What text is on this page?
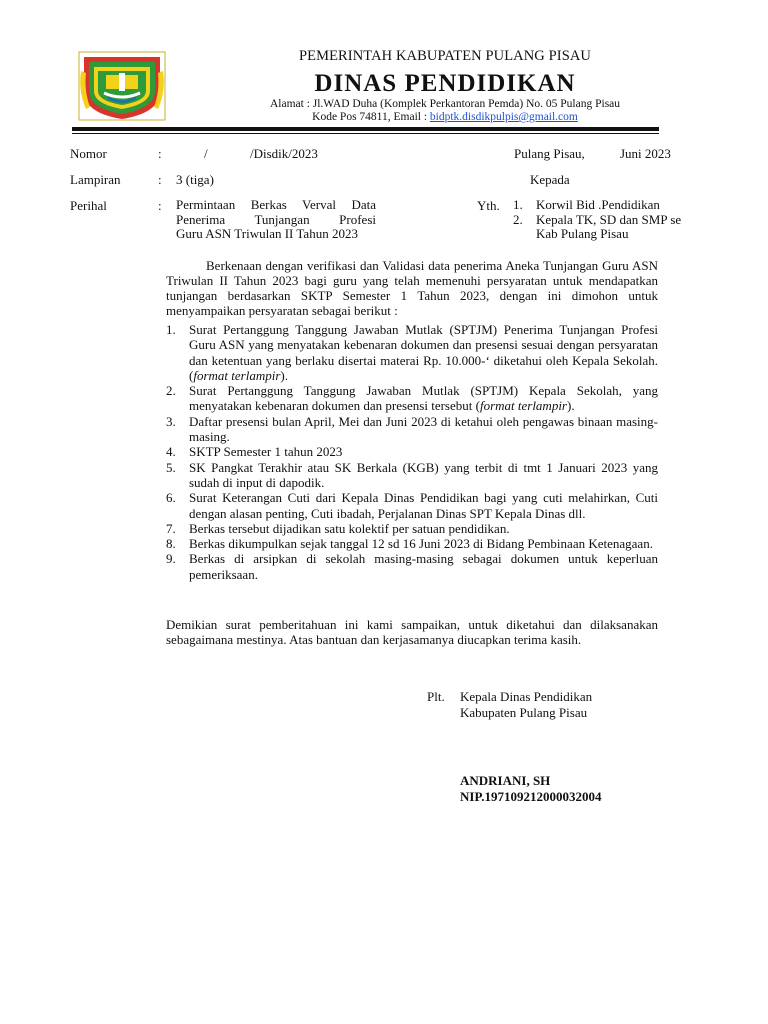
PEMERINTAH KABUPATEN PULANG PISAU
DINAS PENDIDIKAN
Alamat : Jl.WAD Duha (Komplek Perkantoran Pemda) No. 05 Pulang Pisau
Kode Pos 74811, Email : bidptk.disdikpulpis@gmail.com
Nomor	:	/	/Disdik/2023
Lampiran	: 3 (tiga)
Perihal	: Permintaan Berkas Verval Data
Penerima Tunjangan Profesi
Guru ASN Triwulan II Tahun 2023
Pulang Pisau,	Juni 2023
Kepada
Yth. 1. Korwil Bid .Pendidikan
2. Kepala TK, SD dan SMP se
Kab Pulang Pisau
Berkenaan dengan verifikasi dan Validasi data penerima Aneka Tunjangan Guru ASN Triwulan II Tahun 2023 bagi guru yang telah memenuhi persyaratan untuk mendapatkan tunjangan berdasarkan SKTP Semester 1 Tahun 2023, dengan ini dimohon untuk menyampaikan persyaratan sebagai berikut :
1. Surat Pertanggung Tanggung Jawaban Mutlak (SPTJM) Penerima Tunjangan Profesi Guru ASN yang menyatakan kebenaran dokumen dan presensi sesuai dengan persyaratan dan ketentuan yang berlaku disertai materai Rp. 10.000-‘ diketahui oleh Kepala Sekolah. (format terlampir).
2. Surat Pertanggung Tanggung Jawaban Mutlak (SPTJM) Kepala Sekolah, yang menyatakan kebenaran dokumen dan presensi tersebut (format terlampir).
3. Daftar presensi bulan April, Mei dan Juni 2023 di ketahui oleh pengawas binaan masing-masing.
4. SKTP Semester 1 tahun 2023
5. SK Pangkat Terakhir atau SK Berkala (KGB) yang terbit di tmt 1 Januari 2023 yang sudah di input di dapodik.
6. Surat Keterangan Cuti dari Kepala Dinas Pendidikan bagi yang cuti melahirkan, Cuti dengan alasan penting, Cuti ibadah, Perjalanan Dinas SPT Kepala Dinas dll.
7. Berkas tersebut dijadikan satu kolektif per satuan pendidikan.
8. Berkas dikumpulkan sejak tanggal 12 sd 16 Juni 2023 di Bidang Pembinaan Ketenagaan.
9. Berkas di arsipkan di sekolah masing-masing sebagai dokumen untuk keperluan pemeriksaan.
Demikian surat pemberitahuan ini kami sampaikan, untuk diketahui dan dilaksanakan sebagaimana mestinya. Atas bantuan dan kerjasamanya diucapkan terima kasih.
Plt. Kepala Dinas Pendidikan
Kabupaten Pulang Pisau
ANDRIANI, SH
NIP.197109212000032004
